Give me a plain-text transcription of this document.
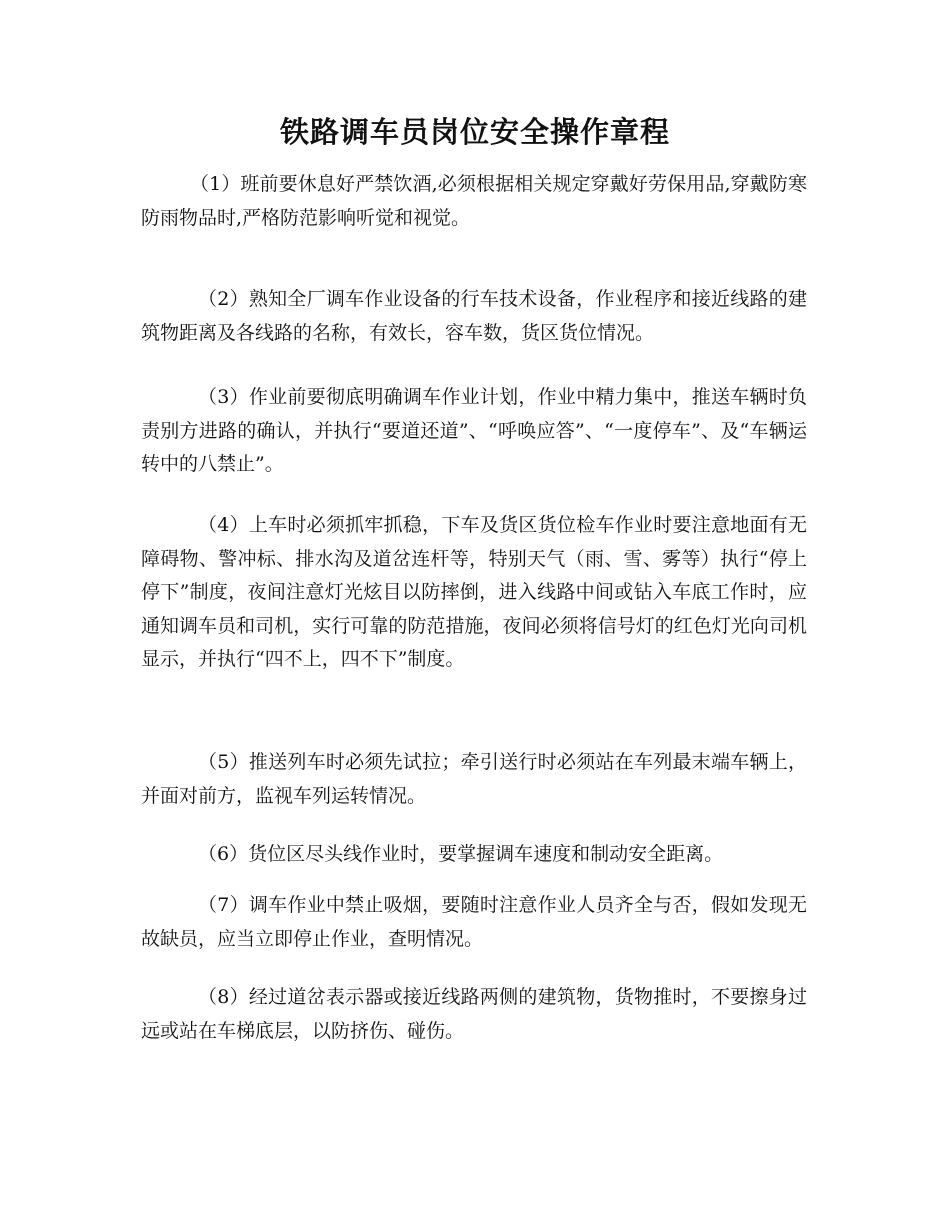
铁路调车员岗位安全操作章程

（1）班前要休息好严禁饮酒,必须根据相关规定穿戴好劳保用品,穿戴防寒防雨物品时,严格防范影响听觉和视觉。

（2）熟知全厂调车作业设备的行车技术设备，作业程序和接近线路的建筑物距离及各线路的名称，有效长，容车数，货区货位情况。

（3）作业前要彻底明确调车作业计划，作业中精力集中，推送车辆时负责别方进路的确认，并执行“要道还道”、“呼唤应答”、“一度停车”、及“车辆运转中的八禁止”。

（4）上车时必须抓牢抓稳，下车及货区货位检车作业时要注意地面有无障碍物、警冲标、排水沟及道岔连杆等，特别天气（雨、雪、雾等）执行“停上停下”制度，夜间注意灯光炫目以防摔倒，进入线路中间或钻入车底工作时，应通知调车员和司机，实行可靠的防范措施，夜间必须将信号灯的红色灯光向司机显示，并执行“四不上，四不下”制度。

（5）推送列车时必须先试拉；牵引送行时必须站在车列最末端车辆上，并面对前方，监视车列运转情况。

（6）货位区尽头线作业时，要掌握调车速度和制动安全距离。

（7）调车作业中禁止吸烟，要随时注意作业人员齐全与否，假如发现无故缺员，应当立即停止作业，查明情况。

（8）经过道岔表示器或接近线路两侧的建筑物，货物推时，不要擦身过远或站在车梯底层，以防挤伤、碰伤。
